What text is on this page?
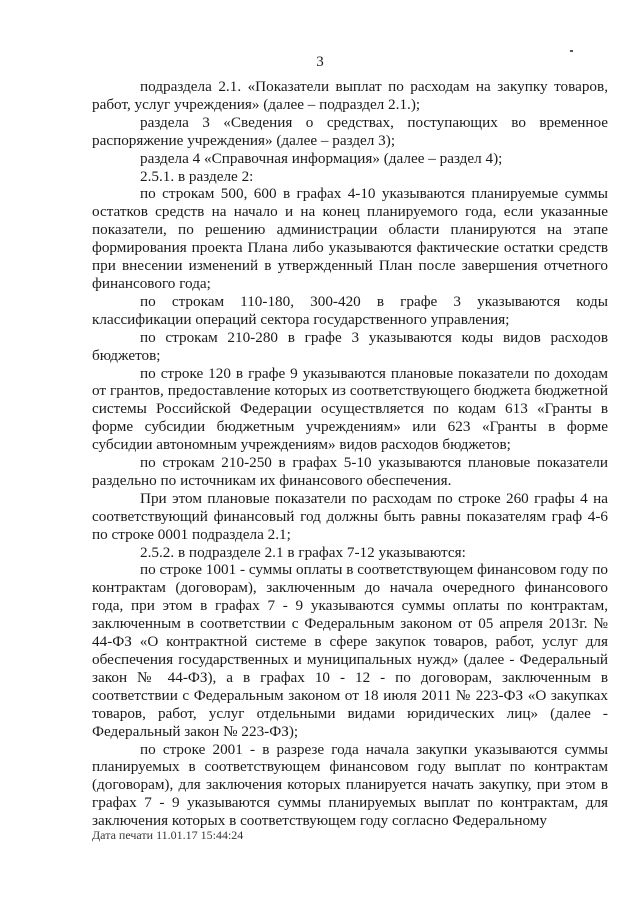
3

подраздела 2.1. «Показатели выплат по расходам на закупку товаров, работ, услуг учреждения» (далее – подраздел 2.1.);

раздела 3 «Сведения о средствах, поступающих во временное распоряжение учреждения» (далее – раздел 3);

раздела 4 «Справочная информация» (далее – раздел 4);

2.5.1. в разделе 2:

по строкам 500, 600 в графах 4-10 указываются планируемые суммы остатков средств на начало и на конец планируемого года, если указанные показатели, по решению администрации области планируются на этапе формирования проекта Плана либо указываются фактические остатки средств при внесении изменений в утвержденный План после завершения отчетного финансового года;

по строкам 110-180, 300-420 в графе 3 указываются коды классификации операций сектора государственного управления;

по строкам 210-280 в графе 3 указываются коды видов расходов бюджетов;

по строке 120 в графе 9 указываются плановые показатели по доходам от грантов, предоставление которых из соответствующего бюджета бюджетной системы Российской Федерации осуществляется по кодам 613 «Гранты в форме субсидии бюджетным учреждениям» или 623 «Гранты в форме субсидии автономным учреждениям» видов расходов бюджетов;

по строкам 210-250 в графах 5-10 указываются плановые показатели раздельно по источникам их финансового обеспечения.

При этом плановые показатели по расходам по строке 260 графы 4 на соответствующий финансовый год должны быть равны показателям граф 4-6 по строке 0001 подраздела 2.1;

2.5.2. в подразделе 2.1 в графах 7-12 указываются:

по строке 1001 - суммы оплаты в соответствующем финансовом году по контрактам (договорам), заключенным до начала очередного финансового года, при этом в графах 7 - 9 указываются суммы оплаты по контрактам, заключенным в соответствии с Федеральным законом от 05 апреля 2013г. № 44-ФЗ «О контрактной системе в сфере закупок товаров, работ, услуг для обеспечения государственных и муниципальных нужд» (далее - Федеральный закон № 44-ФЗ), а в графах 10 - 12 - по договорам, заключенным в соответствии с Федеральным законом от 18 июля 2011 № 223-ФЗ «О закупках товаров, работ, услуг отдельными видами юридических лиц» (далее - Федеральный закон № 223-ФЗ);

по строке 2001 - в разрезе года начала закупки указываются суммы планируемых в соответствующем финансовом году выплат по контрактам (договорам), для заключения которых планируется начать закупку, при этом в графах 7 - 9 указываются суммы планируемых выплат по контрактам, для заключения которых в соответствующем году согласно Федеральному

Дата печати 11.01.17 15:44:24
